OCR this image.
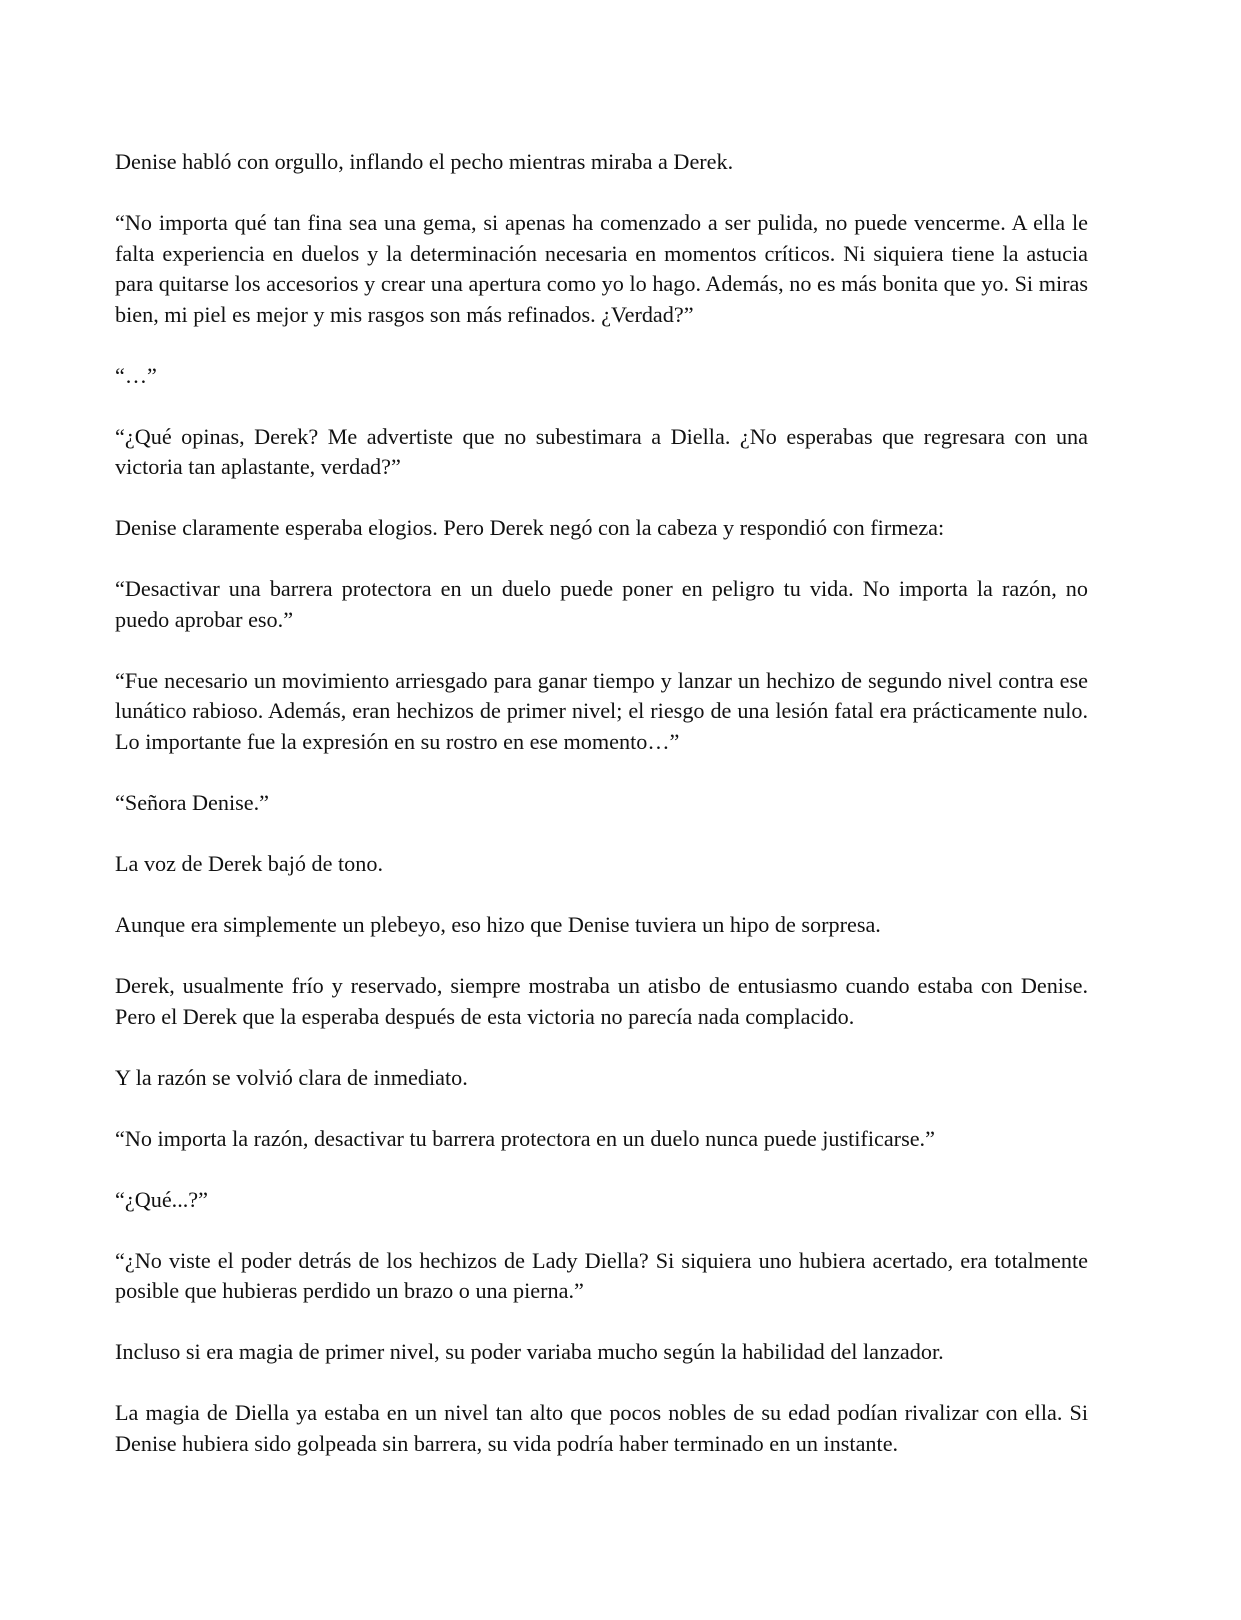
Denise habló con orgullo, inflando el pecho mientras miraba a Derek.

“No importa qué tan fina sea una gema, si apenas ha comenzado a ser pulida, no puede vencerme. A ella le falta experiencia en duelos y la determinación necesaria en momentos críticos. Ni siquiera tiene la astucia para quitarse los accesorios y crear una apertura como yo lo hago. Además, no es más bonita que yo. Si miras bien, mi piel es mejor y mis rasgos son más refinados. ¿Verdad?”

“…”

“¿Qué opinas, Derek? Me advertiste que no subestimara a Diella. ¿No esperabas que regresara con una victoria tan aplastante, verdad?”

Denise claramente esperaba elogios. Pero Derek negó con la cabeza y respondió con firmeza:

“Desactivar una barrera protectora en un duelo puede poner en peligro tu vida. No importa la razón, no puedo aprobar eso.”

“Fue necesario un movimiento arriesgado para ganar tiempo y lanzar un hechizo de segundo nivel contra ese lunático rabioso. Además, eran hechizos de primer nivel; el riesgo de una lesión fatal era prácticamente nulo. Lo importante fue la expresión en su rostro en ese momento…”

“Señora Denise.”

La voz de Derek bajó de tono.

Aunque era simplemente un plebeyo, eso hizo que Denise tuviera un hipo de sorpresa.

Derek, usualmente frío y reservado, siempre mostraba un atisbo de entusiasmo cuando estaba con Denise. Pero el Derek que la esperaba después de esta victoria no parecía nada complacido.

Y la razón se volvió clara de inmediato.

“No importa la razón, desactivar tu barrera protectora en un duelo nunca puede justificarse.”

“¿Qué...?”

“¿No viste el poder detrás de los hechizos de Lady Diella? Si siquiera uno hubiera acertado, era totalmente posible que hubieras perdido un brazo o una pierna.”

Incluso si era magia de primer nivel, su poder variaba mucho según la habilidad del lanzador.

La magia de Diella ya estaba en un nivel tan alto que pocos nobles de su edad podían rivalizar con ella. Si Denise hubiera sido golpeada sin barrera, su vida podría haber terminado en un instante.
